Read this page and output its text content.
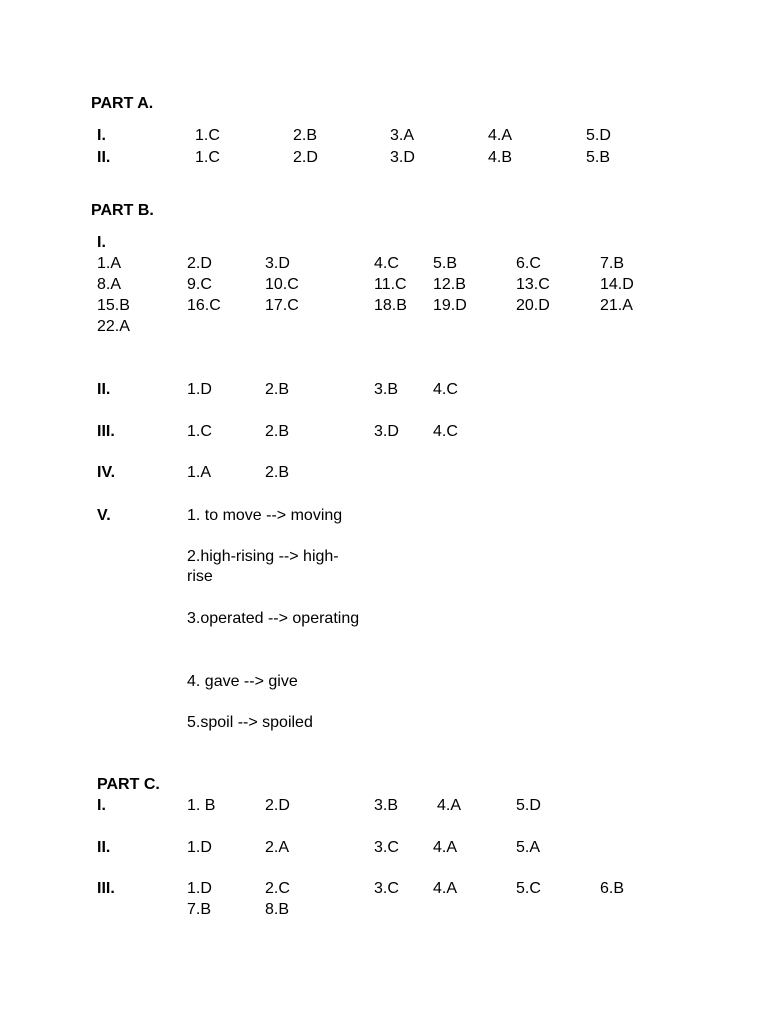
PART A.
I.	1.C	2.B	3.A	4.A	5.D
II.	1.C	2.D	3.D	4.B	5.B
PART B.
I.
1.A	2.D	3.D	4.C 5.B	6.C	7.B
8.A	9.C	10.C	11.C 12.B	13.C	14.D
15.B	16.C	17.C	18.B 19.D	20.D	21.A
22.A
II.	1.D	2.B	3.B 4.C
III.	1.C	2.B	3.D 4.C
IV.	1.A	2.B
V.	1. to move --> moving
2.high-rising --> high-rise
3.operated --> operating
4. gave --> give
5.spoil --> spoiled
PART C.
I.	1. B	2.D	3.B 4.A	5.D
II.	1.D	2.A	3.C 4.A	5.A
III.	1.D	2.C	3.C 4.A	5.C	6.B
7.B	8.B
